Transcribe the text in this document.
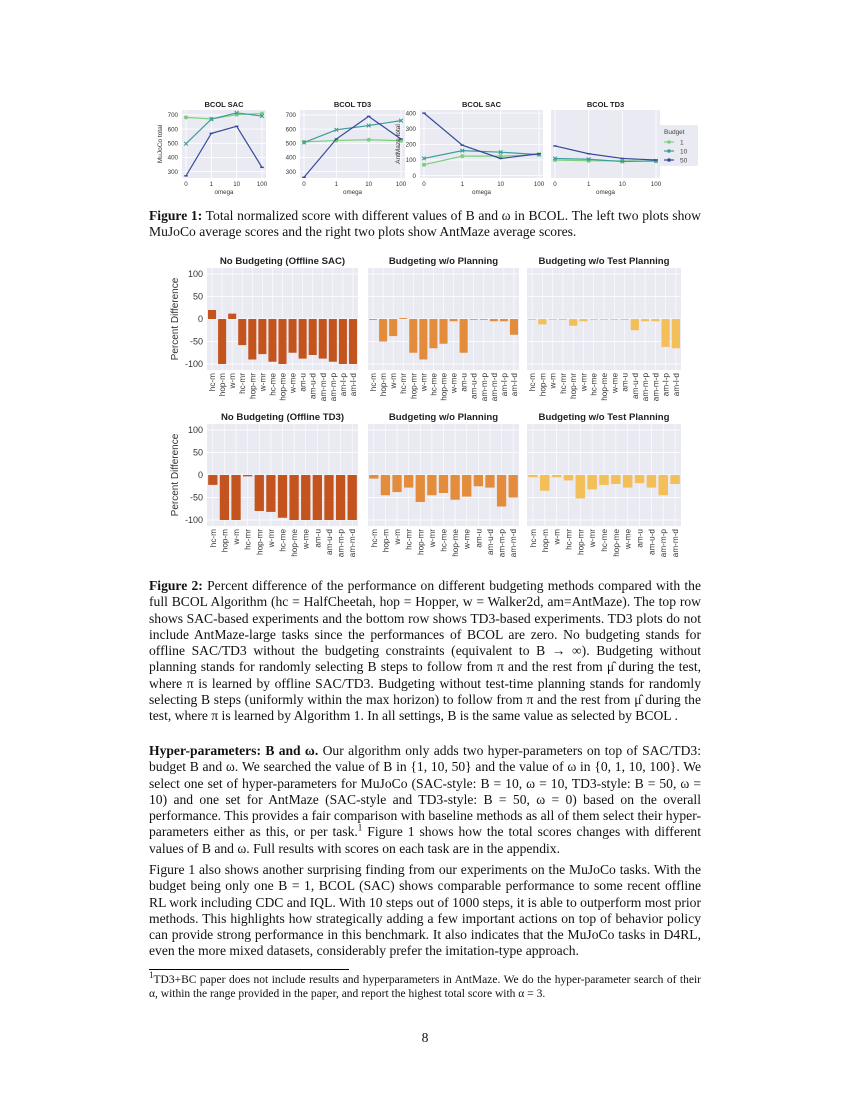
300
400
500
600
700
0	1	10	100
BCOL SAC
omega
MuJoCo total
300
400
500
600
700
0	1	10	100
BCOL TD3
omega
0
100
200
300
400
0	1	10	100
BCOL SAC
omega
AntMaze total
0	1	10	100
BCOL TD3
omega
Budget
1
10
50
Figure 1: Total normalized score with different values of B and ω in BCOL. The left two plots show MuJoCo average scores and the right two plots show AntMaze average scores.
100
50
0
-50
-100
hc-m hop-m w-m hc-mr hop-mr w-mr hc-me hop-me w-me am-u am-u-d am-m-d am-m-p am-l-p am-l-d
No Budgeting (Offline SAC)
Percent Difference
hc-m hop-m w-m hc-mr hop-mr w-mr hc-me hop-me w-me am-u am-u-d am-m-p am-m-d am-l-p am-l-d
Budgeting w/o Planning
hc-m hop-m w-m hc-mr hop-mr w-mr hc-me hop-me w-me am-u am-u-d am-m-p am-m-d am-l-p am-l-d
Budgeting w/o Test Planning
100
50
0
-50
-100
hc-m hop-m w-m hc-mr hop-mr w-mr hc-me hop-me w-me am-u am-u-d am-m-p am-m-d
No Budgeting (Offline TD3)
Percent Difference
hc-m hop-m w-m hc-mr hop-mr w-mr hc-me hop-me w-me am-u am-u-d am-m-p am-m-d
Budgeting w/o Planning
hc-m hop-m w-m hc-mr hop-mr w-mr hc-me hop-me w-me am-u am-u-d am-m-p am-m-d
Budgeting w/o Test Planning
Figure 2: Percent difference of the performance on different budgeting methods compared with the full BCOL Algorithm (hc = HalfCheetah, hop = Hopper, w = Walker2d, am=AntMaze). The top row shows SAC-based experiments and the bottom row shows TD3-based experiments. TD3 plots do not include AntMaze-large tasks since the performances of BCOL are zero. No budgeting stands for offline SAC/TD3 without the budgeting constraints (equivalent to B → ∞). Budgeting without planning stands for randomly selecting B steps to follow from π and the rest from μ̂ during the test, where π is learned by offline SAC/TD3. Budgeting without test-time planning stands for randomly selecting B steps (uniformly within the max horizon) to follow from π and the rest from μ̂ during the test, where π is learned by Algorithm 1. In all settings, B is the same value as selected by BCOL .
Hyper-parameters: B and ω. Our algorithm only adds two hyper-parameters on top of SAC/TD3: budget B and ω. We searched the value of B in {1, 10, 50} and the value of ω in {0, 1, 10, 100}. We select one set of hyper-parameters for MuJoCo (SAC-style: B = 10, ω = 10, TD3-style: B = 50, ω = 10) and one set for AntMaze (SAC-style and TD3-style: B = 50, ω = 0) based on the overall performance. This provides a fair comparison with baseline methods as all of them select their hyper-parameters either as this, or per task.$^1$ Figure 1 shows how the total scores changes with different values of B and ω. Full results with scores on each task are in the appendix.
Figure 1 also shows another surprising finding from our experiments on the MuJoCo tasks. With the budget being only one B = 1, BCOL (SAC) shows comparable performance to some recent offline RL work including CDC and IQL. With 10 steps out of 1000 steps, it is able to outperform most prior methods. This highlights how strategically adding a few important actions on top of behavior policy can provide strong performance in this benchmark. It also indicates that the MuJoCo tasks in D4RL, even the more mixed datasets, considerably prefer the imitation-type approach.
$^1$TD3+BC paper does not include results and hyperparameters in AntMaze. We do the hyper-parameter search of their α, within the range provided in the paper, and report the highest total score with α = 3.
8
